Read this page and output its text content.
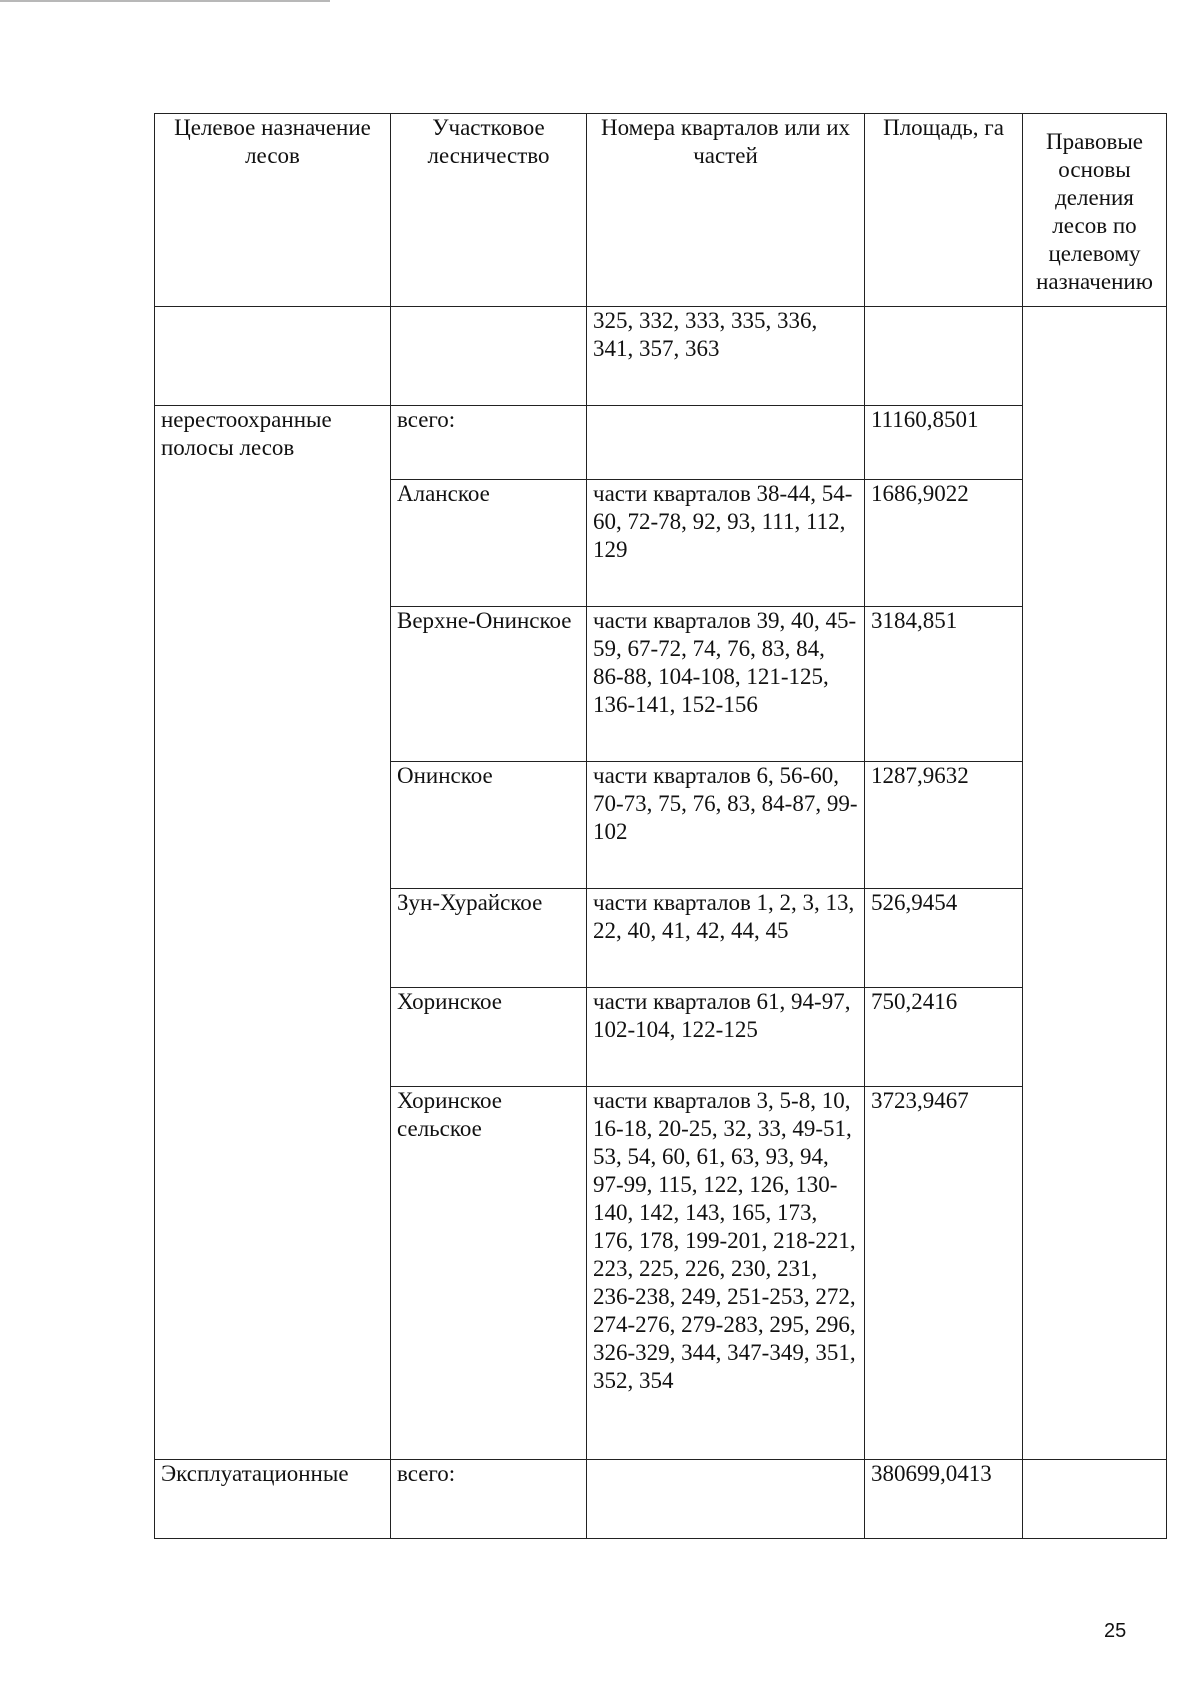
Целевое назначение лесов	Участковое лесничество	Номера кварталов или их частей	Площадь, га	Правовые основы деления лесов по целевому назначению
		325, 332, 333, 335, 336, 341, 357, 363		
нерестоохранные полосы лесов	всего:		11160,8501	
	Аланское	части кварталов 38-44, 54-60, 72-78, 92, 93, 111, 112, 129	1686,9022	
	Верхне-Онинское	части кварталов 39, 40, 45-59, 67-72, 74, 76, 83, 84, 86-88, 104-108, 121-125, 136-141, 152-156	3184,851	
	Онинское	части кварталов 6, 56-60, 70-73, 75, 76, 83, 84-87, 99-102	1287,9632	
	Зун-Хурайское	части кварталов 1, 2, 3, 13, 22, 40, 41, 42, 44, 45	526,9454	
	Хоринское	части кварталов 61, 94-97, 102-104, 122-125	750,2416	
	Хоринское сельское	части кварталов 3, 5-8, 10, 16-18, 20-25, 32, 33, 49-51, 53, 54, 60, 61, 63, 93, 94, 97-99, 115, 122, 126, 130-140, 142, 143, 165, 173, 176, 178, 199-201, 218-221, 223, 225, 226, 230, 231, 236-238, 249, 251-253, 272, 274-276, 279-283, 295, 296, 326-329, 344, 347-349, 351, 352, 354	3723,9467	
Эксплуатационные	всего:		380699,0413	
25
